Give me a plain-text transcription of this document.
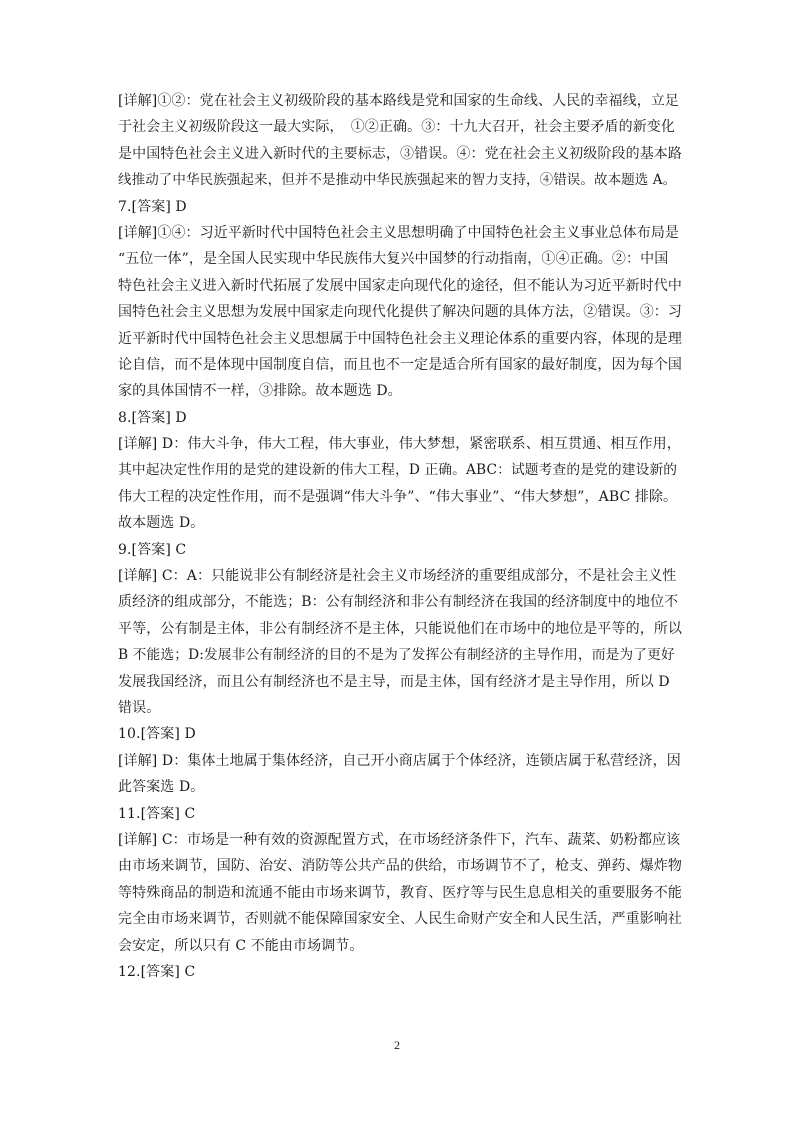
[详解]①②：党在社会主义初级阶段的基本路线是党和国家的生命线、人民的幸福线，立足
于社会主义初级阶段这一最大实际，　①②正确。③：十九大召开，社会主要矛盾的新变化
是中国特色社会主义进入新时代的主要标志，③错误。④：党在社会主义初级阶段的基本路
线推动了中华民族强起来，但并不是推动中华民族强起来的智力支持，④错误。故本题选 A。
7.[答案] D
[详解]①④：习近平新时代中国特色社会主义思想明确了中国特色社会主义事业总体布局是
“五位一体”，是全国人民实现中华民族伟大复兴中国梦的行动指南，①④正确。②：中国
特色社会主义进入新时代拓展了发展中国家走向现代化的途径，但不能认为习近平新时代中
国特色社会主义思想为发展中国家走向现代化提供了解决问题的具体方法，②错误。③：习
近平新时代中国特色社会主义思想属于中国特色社会主义理论体系的重要内容，体现的是理
论自信，而不是体现中国制度自信，而且也不一定是适合所有国家的最好制度，因为每个国
家的具体国情不一样，③排除。故本题选 D。
8.[答案] D
[详解] D：伟大斗争，伟大工程，伟大事业，伟大梦想，紧密联系、相互贯通、相互作用，
其中起决定性作用的是党的建设新的伟大工程，D 正确。ABC：试题考查的是党的建设新的
伟大工程的决定性作用，而不是强调“伟大斗争”、“伟大事业”、“伟大梦想”，ABC 排除。
故本题选 D。
9.[答案] C
[详解] C：A：只能说非公有制经济是社会主义市场经济的重要组成部分，不是社会主义性
质经济的组成部分，不能选；B：公有制经济和非公有制经济在我国的经济制度中的地位不
平等，公有制是主体，非公有制经济不是主体，只能说他们在市场中的地位是平等的，所以
B 不能选；D:发展非公有制经济的目的不是为了发挥公有制经济的主导作用，而是为了更好
发展我国经济，而且公有制经济也不是主导，而是主体，国有经济才是主导作用，所以 D
错误。
10.[答案] D
[详解] D：集体土地属于集体经济，自己开小商店属于个体经济，连锁店属于私营经济，因
此答案选 D。
11.[答案] C
[详解] C：市场是一种有效的资源配置方式，在市场经济条件下，汽车、蔬菜、奶粉都应该
由市场来调节，国防、治安、消防等公共产品的供给，市场调节不了，枪支、弹药、爆炸物
等特殊商品的制造和流通不能由市场来调节，教育、医疗等与民生息息相关的重要服务不能
完全由市场来调节，否则就不能保障国家安全、人民生命财产安全和人民生活，严重影响社
会安定，所以只有 C 不能由市场调节。
12.[答案] C
2
